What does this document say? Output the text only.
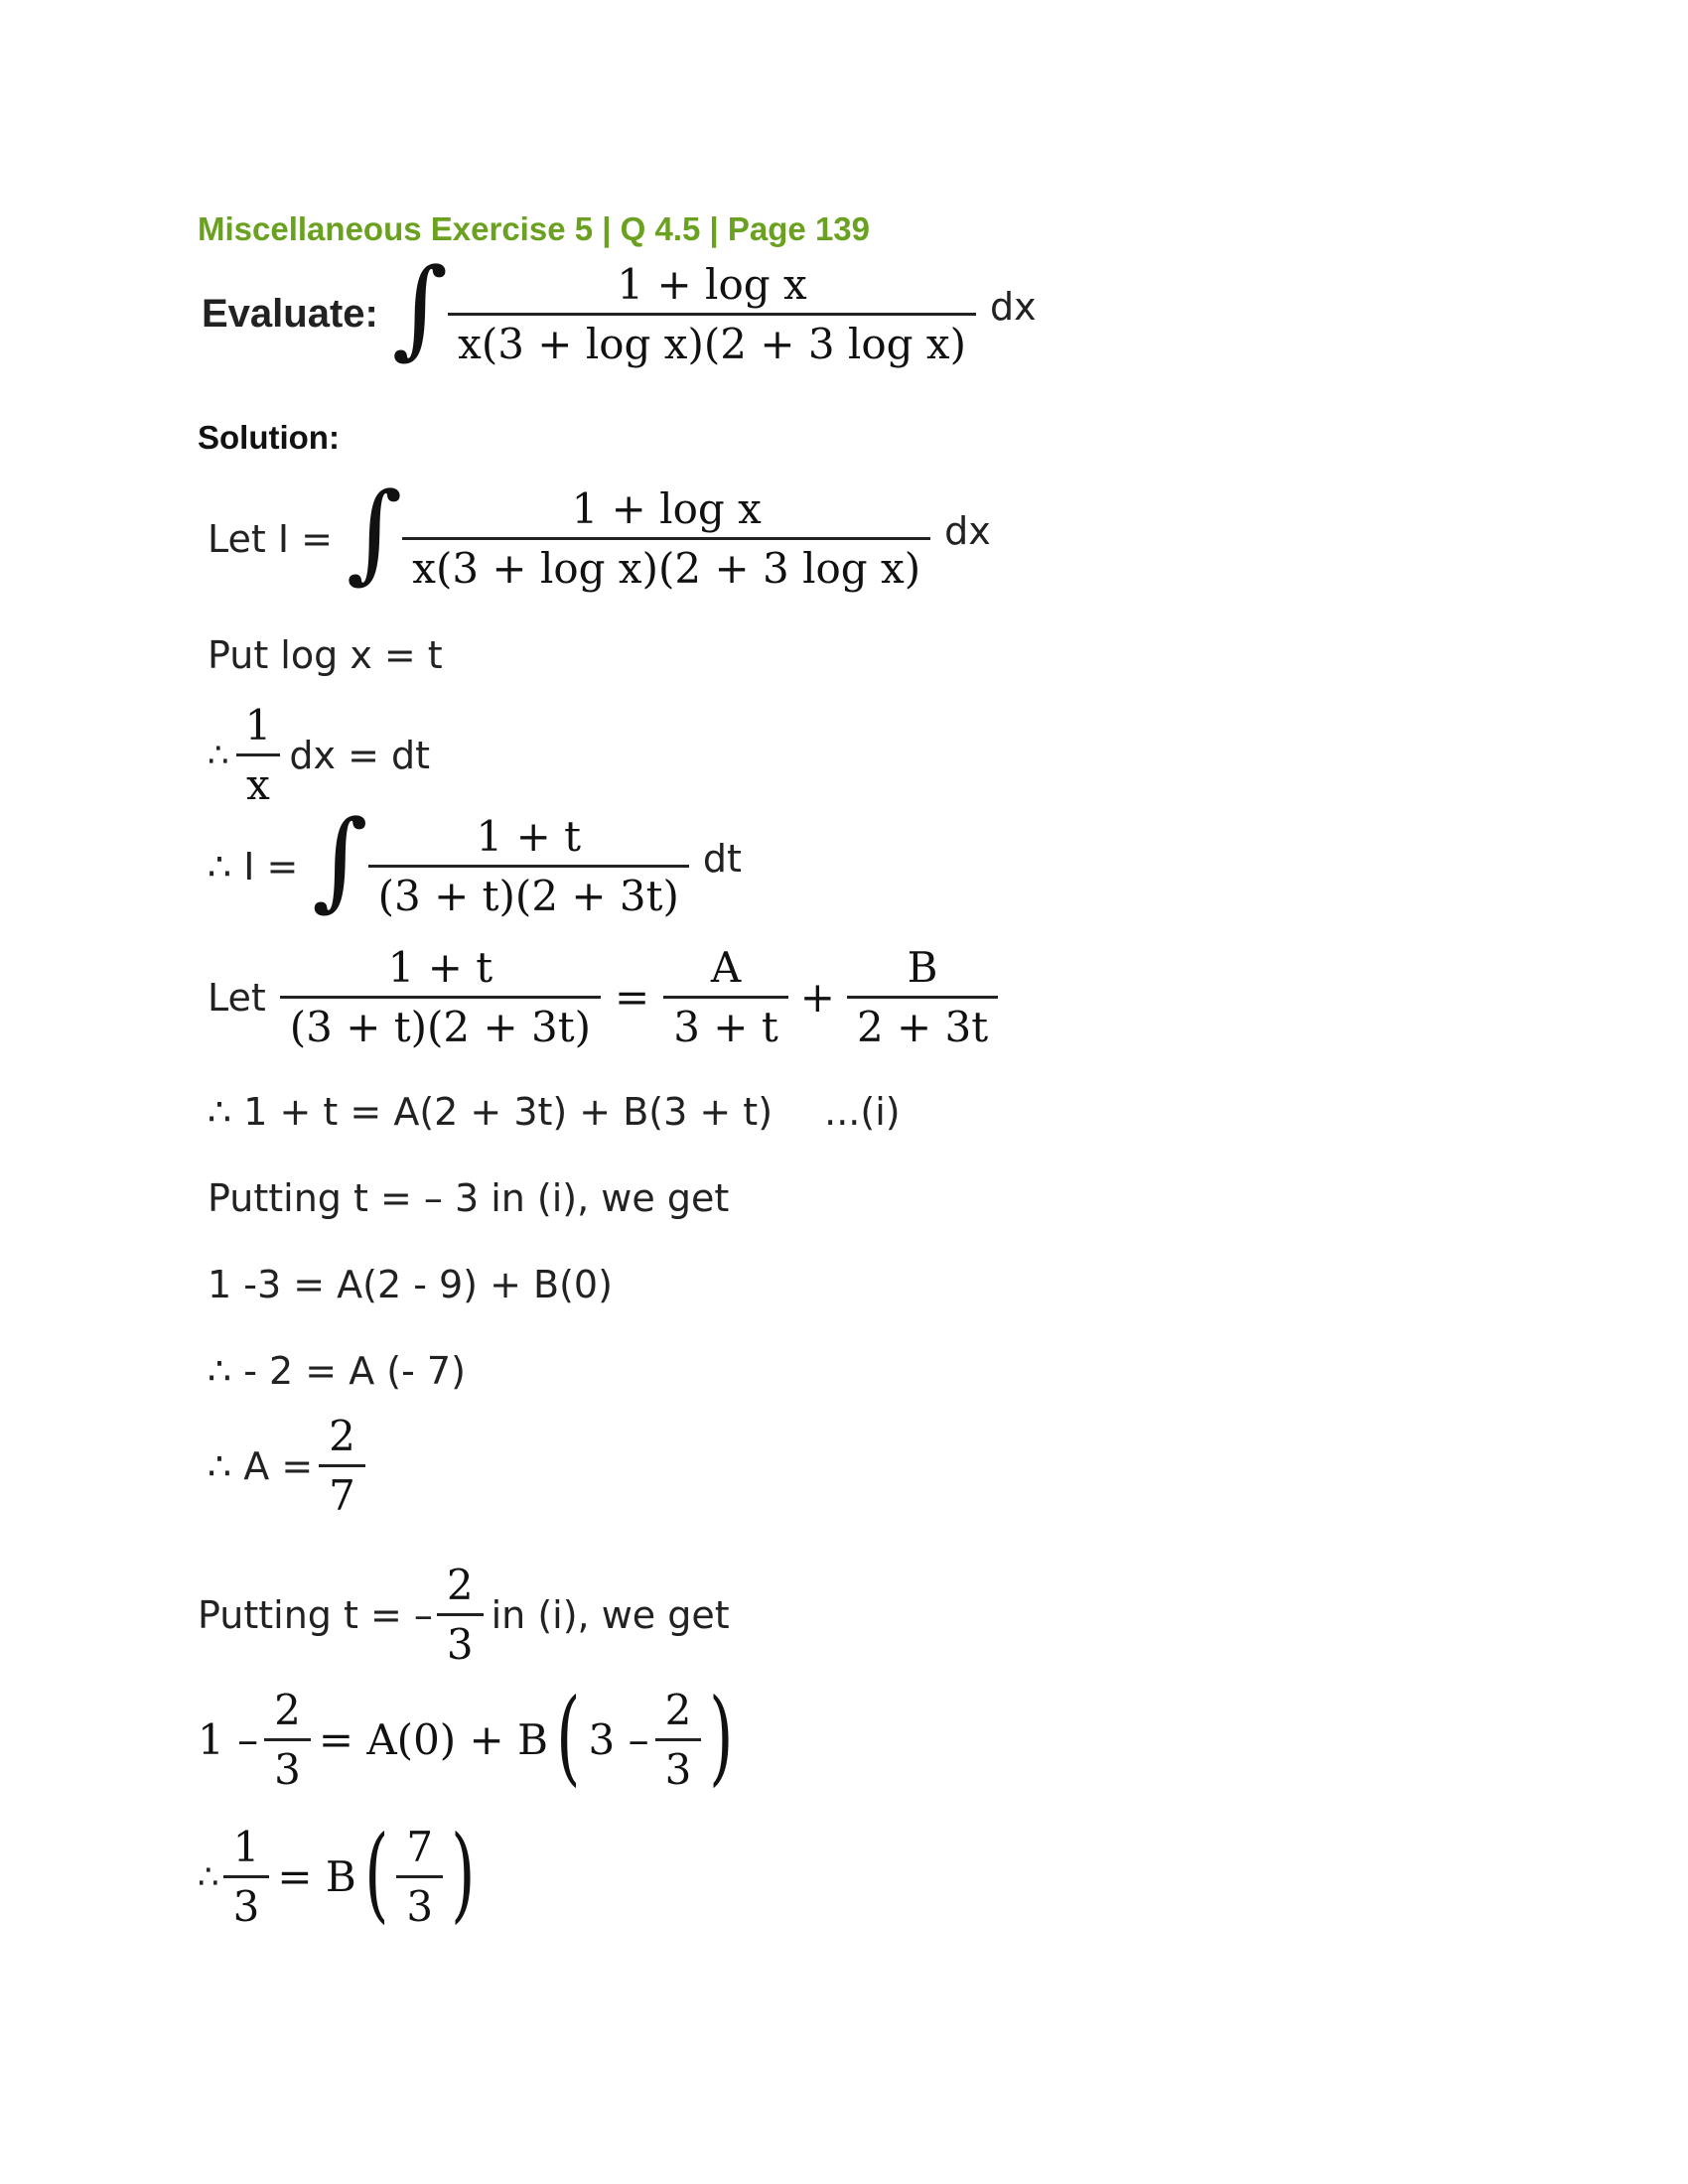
Miscellaneous Exercise 5 | Q 4.5 | Page 139
Evaluate: ∫ $\frac{\text{1 + log x}}{\text{x(3 + log x)(2 + 3 log x)}}$ dx
Solution:
Let I = ∫ $\frac{\text{1 + log x}}{\text{x(3 + log x)(2 + 3 log x)}}$ dx
Put log x = t
∴ $\frac{1}{x}$ dx = dt
∴ I = ∫ $\frac{1 + t}{(3 + t)(2 + 3t)}$ dt
Let $\frac{1 + t}{(3 + t)(2 + 3t)} = \frac{A}{3 + t} + \frac{B}{2 + 3t}$
∴ 1 + t = A(2 + 3t) + B(3 + t) ...(i)
Putting t = – 3 in (i), we get
1 -3 = A(2 - 9) + B(0)
∴ - 2 = A (- 7)
∴ $A = \frac{2}{7}$
Putting t = – $\frac{2}{3}$ in (i), we get
$1 - \frac{2}{3} = A(0) + B$ ( $3 - \frac{2}{3}$ )
∴ $\frac{1}{3} = B$ ( $\frac{7}{3}$ )
